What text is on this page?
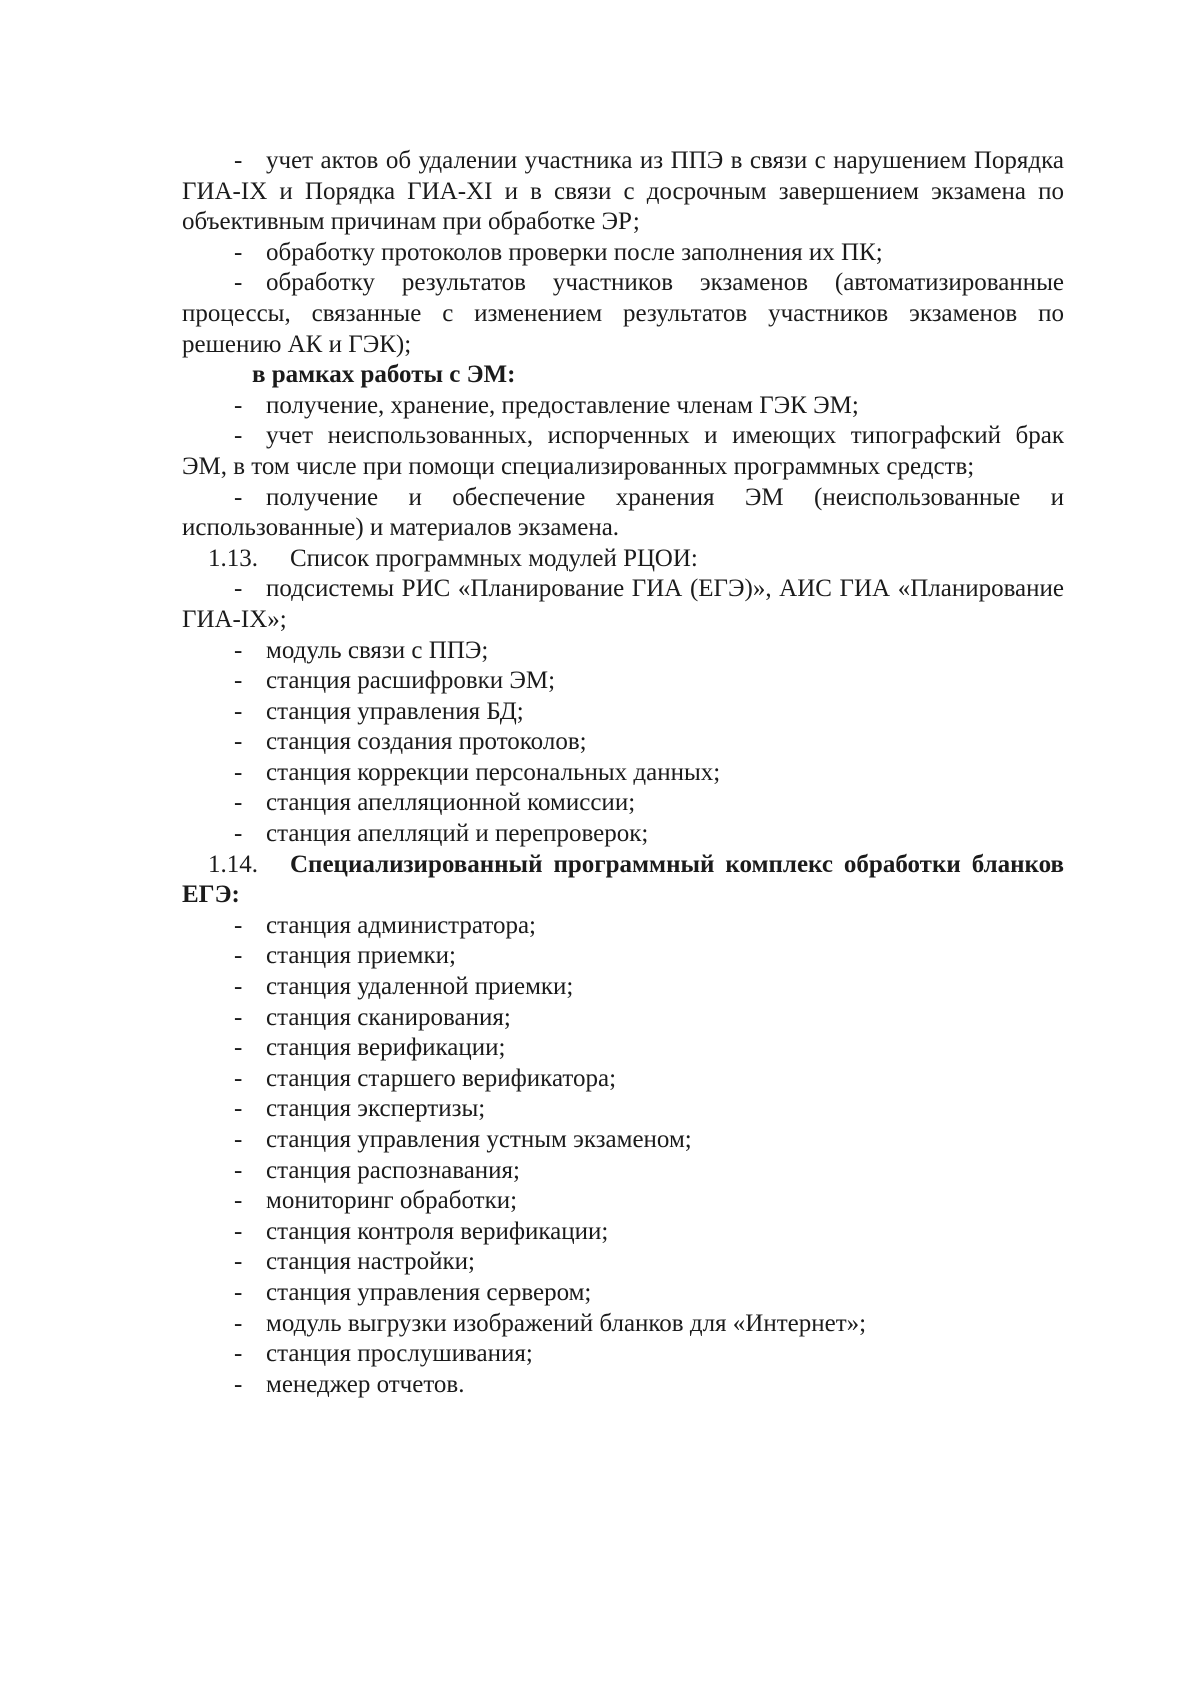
- учет актов об удалении участника из ППЭ в связи с нарушением Порядка ГИА-IX и Порядка ГИА-XI и в связи с досрочным завершением экзамена по объективным причинам при обработке ЭР;
- обработку протоколов проверки после заполнения их ПК;
- обработку результатов участников экзаменов (автоматизированные процессы, связанные с изменением результатов участников экзаменов по решению АК и ГЭК);
в рамках работы с ЭМ:
- получение, хранение, предоставление членам ГЭК ЭМ;
- учет неиспользованных, испорченных и имеющих типографский брак ЭМ, в том числе при помощи специализированных программных средств;
- получение и обеспечение хранения ЭМ (неиспользованные и использованные) и материалов экзамена.
1.13. Список программных модулей РЦОИ:
- подсистемы РИС «Планирование ГИА (ЕГЭ)», АИС ГИА «Планирование ГИА-IX»;
- модуль связи с ППЭ;
- станция расшифровки ЭМ;
- станция управления БД;
- станция создания протоколов;
- станция коррекции персональных данных;
- станция апелляционной комиссии;
- станция апелляций и перепроверок;
1.14. Специализированный программный комплекс обработки бланков ЕГЭ:
- станция администратора;
- станция приемки;
- станция удаленной приемки;
- станция сканирования;
- станция верификации;
- станция старшего верификатора;
- станция экспертизы;
- станция управления устным экзаменом;
- станция распознавания;
- мониторинг обработки;
- станция контроля верификации;
- станция настройки;
- станция управления сервером;
- модуль выгрузки изображений бланков для «Интернет»;
- станция прослушивания;
- менеджер отчетов.
